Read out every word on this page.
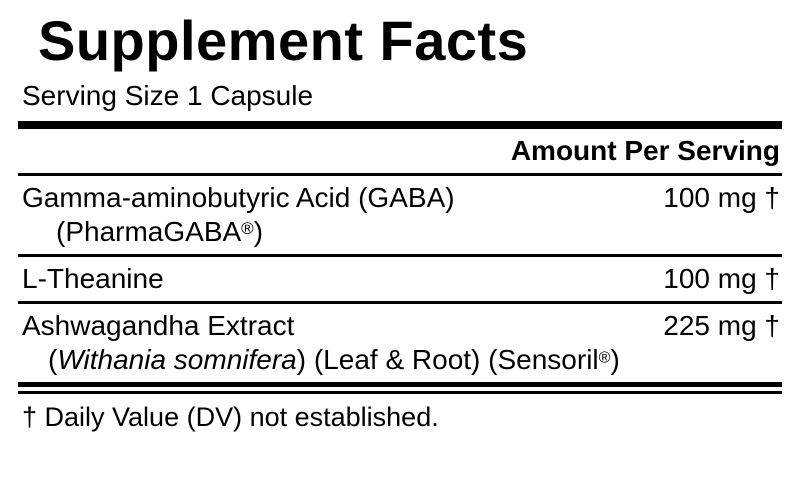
Supplement Facts
Serving Size 1 Capsule
Amount Per Serving
Gamma-aminobutyric Acid (GABA)	100 mg †
(PharmaGABA®)
L-Theanine	100 mg †
Ashwagandha Extract	225 mg †
(Withania somnifera) (Leaf & Root) (Sensoril®)
† Daily Value (DV) not established.
